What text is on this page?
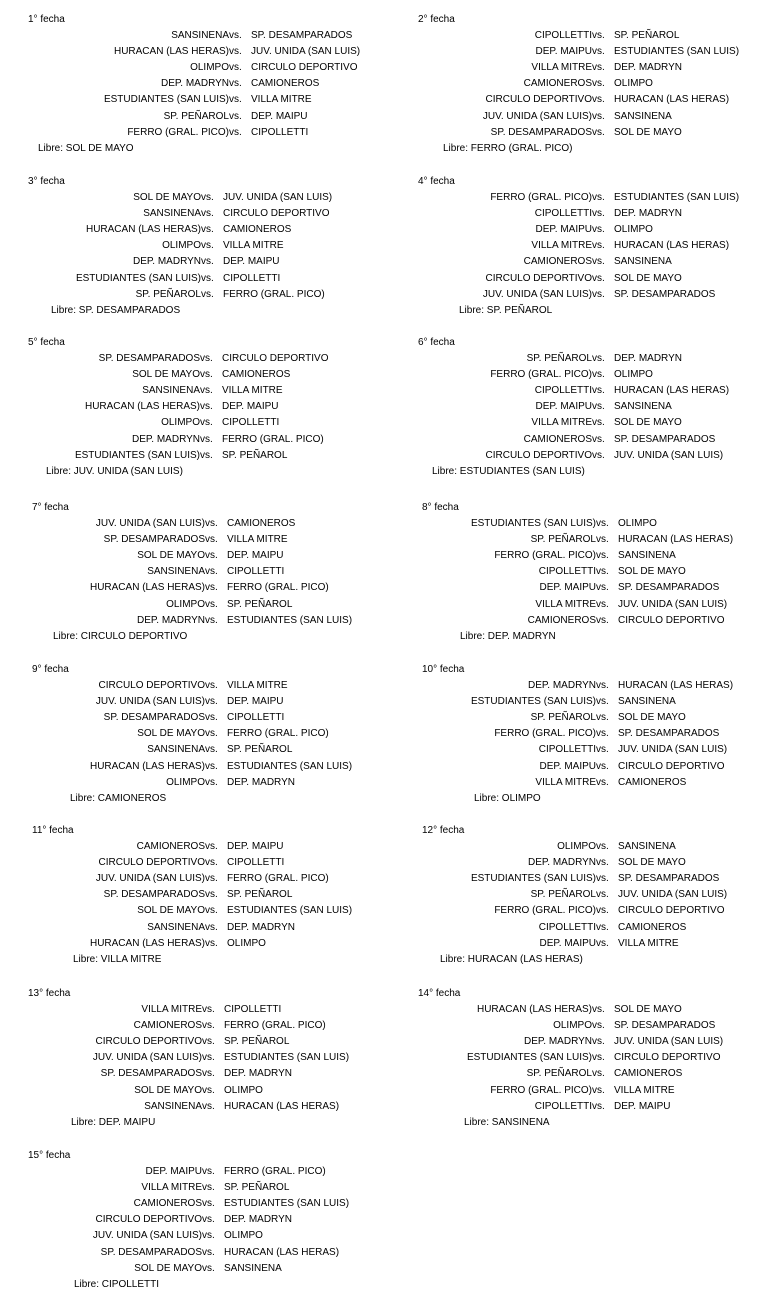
1° fecha
SANSINENA vs. SP. DESAMPARADOS
HURACAN (LAS HERAS) vs. JUV. UNIDA (SAN LUIS)
OLIMPO vs. CIRCULO DEPORTIVO
DEP. MADRYN vs. CAMIONEROS
ESTUDIANTES (SAN LUIS) vs. VILLA MITRE
SP. PEÑAROL vs. DEP. MAIPU
FERRO (GRAL. PICO) vs. CIPOLLETTI
Libre: SOL DE MAYO
2° fecha
CIPOLLETTI vs. SP. PEÑAROL
DEP. MAIPU vs. ESTUDIANTES (SAN LUIS)
VILLA MITRE vs. DEP. MADRYN
CAMIONEROS vs. OLIMPO
CIRCULO DEPORTIVO vs. HURACAN (LAS HERAS)
JUV. UNIDA (SAN LUIS) vs. SANSINENA
SP. DESAMPARADOS vs. SOL DE MAYO
Libre: FERRO (GRAL. PICO)
3° fecha
SOL DE MAYO vs. JUV. UNIDA (SAN LUIS)
SANSINENA vs. CIRCULO DEPORTIVO
HURACAN (LAS HERAS) vs. CAMIONEROS
OLIMPO vs. VILLA MITRE
DEP. MADRYN vs. DEP. MAIPU
ESTUDIANTES (SAN LUIS) vs. CIPOLLETTI
SP. PEÑAROL vs. FERRO (GRAL. PICO)
Libre: SP. DESAMPARADOS
4° fecha
FERRO (GRAL. PICO) vs. ESTUDIANTES (SAN LUIS)
CIPOLLETTI vs. DEP. MADRYN
DEP. MAIPU vs. OLIMPO
VILLA MITRE vs. HURACAN (LAS HERAS)
CAMIONEROS vs. SANSINENA
CIRCULO DEPORTIVO vs. SOL DE MAYO
JUV. UNIDA (SAN LUIS) vs. SP. DESAMPARADOS
Libre: SP. PEÑAROL
5° fecha
SP. DESAMPARADOS vs. CIRCULO DEPORTIVO
SOL DE MAYO vs. CAMIONEROS
SANSINENA vs. VILLA MITRE
HURACAN (LAS HERAS) vs. DEP. MAIPU
OLIMPO vs. CIPOLLETTI
DEP. MADRYN vs. FERRO (GRAL. PICO)
ESTUDIANTES (SAN LUIS) vs. SP. PEÑAROL
Libre: JUV. UNIDA (SAN LUIS)
6° fecha
SP. PEÑAROL vs. DEP. MADRYN
FERRO (GRAL. PICO) vs. OLIMPO
CIPOLLETTI vs. HURACAN (LAS HERAS)
DEP. MAIPU vs. SANSINENA
VILLA MITRE vs. SOL DE MAYO
CAMIONEROS vs. SP. DESAMPARADOS
CIRCULO DEPORTIVO vs. JUV. UNIDA (SAN LUIS)
Libre: ESTUDIANTES (SAN LUIS)
7° fecha
JUV. UNIDA (SAN LUIS) vs. CAMIONEROS
SP. DESAMPARADOS vs. VILLA MITRE
SOL DE MAYO vs. DEP. MAIPU
SANSINENA vs. CIPOLLETTI
HURACAN (LAS HERAS) vs. FERRO (GRAL. PICO)
OLIMPO vs. SP. PEÑAROL
DEP. MADRYN vs. ESTUDIANTES (SAN LUIS)
Libre: CIRCULO DEPORTIVO
8° fecha
ESTUDIANTES (SAN LUIS) vs. OLIMPO
SP. PEÑAROL vs. HURACAN (LAS HERAS)
FERRO (GRAL. PICO) vs. SANSINENA
CIPOLLETTI vs. SOL DE MAYO
DEP. MAIPU vs. SP. DESAMPARADOS
VILLA MITRE vs. JUV. UNIDA (SAN LUIS)
CAMIONEROS vs. CIRCULO DEPORTIVO
Libre: DEP. MADRYN
9° fecha
CIRCULO DEPORTIVO vs. VILLA MITRE
JUV. UNIDA (SAN LUIS) vs. DEP. MAIPU
SP. DESAMPARADOS vs. CIPOLLETTI
SOL DE MAYO vs. FERRO (GRAL. PICO)
SANSINENA vs. SP. PEÑAROL
HURACAN (LAS HERAS) vs. ESTUDIANTES (SAN LUIS)
OLIMPO vs. DEP. MADRYN
Libre: CAMIONEROS
10° fecha
DEP. MADRYN vs. HURACAN (LAS HERAS)
ESTUDIANTES (SAN LUIS) vs. SANSINENA
SP. PEÑAROL vs. SOL DE MAYO
FERRO (GRAL. PICO) vs. SP. DESAMPARADOS
CIPOLLETTI vs. JUV. UNIDA (SAN LUIS)
DEP. MAIPU vs. CIRCULO DEPORTIVO
VILLA MITRE vs. CAMIONEROS
Libre: OLIMPO
11° fecha
CAMIONEROS vs. DEP. MAIPU
CIRCULO DEPORTIVO vs. CIPOLLETTI
JUV. UNIDA (SAN LUIS) vs. FERRO (GRAL. PICO)
SP. DESAMPARADOS vs. SP. PEÑAROL
SOL DE MAYO vs. ESTUDIANTES (SAN LUIS)
SANSINENA vs. DEP. MADRYN
HURACAN (LAS HERAS) vs. OLIMPO
Libre: VILLA MITRE
12° fecha
OLIMPO vs. SANSINENA
DEP. MADRYN vs. SOL DE MAYO
ESTUDIANTES (SAN LUIS) vs. SP. DESAMPARADOS
SP. PEÑAROL vs. JUV. UNIDA (SAN LUIS)
FERRO (GRAL. PICO) vs. CIRCULO DEPORTIVO
CIPOLLETTI vs. CAMIONEROS
DEP. MAIPU vs. VILLA MITRE
Libre: HURACAN (LAS HERAS)
13° fecha
VILLA MITRE vs. CIPOLLETTI
CAMIONEROS vs. FERRO (GRAL. PICO)
CIRCULO DEPORTIVO vs. SP. PEÑAROL
JUV. UNIDA (SAN LUIS) vs. ESTUDIANTES (SAN LUIS)
SP. DESAMPARADOS vs. DEP. MADRYN
SOL DE MAYO vs. OLIMPO
SANSINENA vs. HURACAN (LAS HERAS)
Libre: DEP. MAIPU
14° fecha
HURACAN (LAS HERAS) vs. SOL DE MAYO
OLIMPO vs. SP. DESAMPARADOS
DEP. MADRYN vs. JUV. UNIDA (SAN LUIS)
ESTUDIANTES (SAN LUIS) vs. CIRCULO DEPORTIVO
SP. PEÑAROL vs. CAMIONEROS
FERRO (GRAL. PICO) vs. VILLA MITRE
CIPOLLETTI vs. DEP. MAIPU
Libre: SANSINENA
15° fecha
DEP. MAIPU vs. FERRO (GRAL. PICO)
VILLA MITRE vs. SP. PEÑAROL
CAMIONEROS vs. ESTUDIANTES (SAN LUIS)
CIRCULO DEPORTIVO vs. DEP. MADRYN
JUV. UNIDA (SAN LUIS) vs. OLIMPO
SP. DESAMPARADOS vs. HURACAN (LAS HERAS)
SOL DE MAYO vs. SANSINENA
Libre: CIPOLLETTI
